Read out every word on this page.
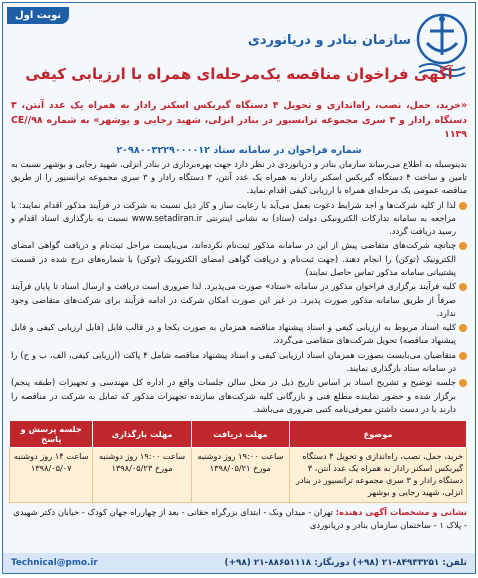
سازمان بنادر و دریانوردی
نوبت اول
آگهی فراخوان مناقصه یک‌مرحله‌ای همراه با ارزیابی کیفی
«خرید، حمل، نصب، راه‌اندازی و تحویل ۴ دستگاه گیربکس اسکنر رادار به همراه یک عدد آنتن، ۳ دستگاه رادار و ۳ سری مجموعه ترانسیور در بنادر انزلی، شهید رجایی و بوشهر» به شماره ۹۸/CE/۱۱۳۹
شماره فراخوان در سامانه ستاد ۲۰۹۸۰۰۳۲۲۹۰۰۰۰۱۲

بدینوسیله به اطلاع می‌رساند سازمان بنادر و دریانوردی در نظر دارد جهت بهره‌برداری در بنادر انزلی، شهید رجایی و بوشهر نسبت به تامین و ساخت ۴ دستگاه گیربکس اسکنر رادار به همراه یک عدد آنتن، ۳ دستگاه رادار و ۳ سری مجموعه ترانسیور را از طریق مناقصه عمومی یک مرحله‌ای همراه با ارزیابی کیفی اقدام نماید.

لذا از کلیه شرکت‌ها و اجد شرایط دعوت بعمل می‌آید با رعایت ساز و کار ذیل نسبت به شرکت در فرآیند مذکور اقدام نمایند: با مراجعه به سامانه تدارکات الکترونیکی دولت (ستاد) به نشانی اینترنتی www.setadiran.ir نسبت به بارگذاری اسناد اقدام و رسید دریافت گردد.

چنانچه شرکت‌های متقاضی پیش از این در سامانه مذکور ثبت‌نام نکرده‌اند، می‌بایست مراحل ثبت‌نام و دریافت گواهی امضای الکترونیک (توکن) را انجام دهند. (جهت ثبت‌نام و دریافت گواهی امضای الکترونیک (توکن) با شماره‌های درج شده در قسمت پشتیبانی سامانه مذکور تماس حاصل نمایند)

کلیه فرآیند برگزاری فراخوان مذکور در سامانه «ستاد» صورت می‌پذیرد. لذا ضروری است دریافت و ارسال اسناد تا پایان فرآیند صرفاً از طریق سامانه مذکور صورت پذیرد. در غیر این صورت امکان شرکت در ادامه فرآیند برای شرکت‌های متقاضی وجود ندارد.

کلیه اسناد مربوط به ارزیابی کیفی و اسناد پیشنهاد مناقصه همزمان به صورت یکجا و در قالب فایل (فایل ارزیابی کیفی و فایل پیشنهاد مناقصه) تحویل شرکت‌های متقاضی می‌گردد.

متقاضیان می‌بایست بصورت همزمان اسناد ارزیابی کیفی و اسناد پیشنهاد مناقصه شامل ۴ پاکت (ارزیابی کیفی، الف، ب و ج) را در سامانه ستاد بارگذاری نمایند.

جلسه توضیح و تشریح اسناد بر اساس تاریخ ذیل در محل سالن جلسات واقع در اداره کل مهندسی و تجهیزات (طبقه پنجم) برگزار شده و حضور نماینده مطلع فنی و بازرگانی کلیه شرکت‌های سازنده تجهیزات مذکور که تمایل به شرکت در مناقصه را دارند با در دست داشتن معرفی‌نامه کتبی ضروری می‌باشد.

موضوع	مهلت دریافت	مهلت بارگذاری	جلسه پرسش و پاسخ
خرید، حمل، نصب، راه‌اندازی و تحویل ۴ دستگاه گیربکس اسکنر رادار به همراه یک عدد آنتن، ۳ دستگاه رادار و ۳ سری مجموعه ترانسیور در بنادر انزلی، شهید رجایی و بوشهر	ساعت ۱۹:۰۰ روز دوشنبه مورخ ۱۳۹۸/۰۵/۲۱	ساعت ۱۹:۰۰ روز دوشنبه مورخ ۱۳۹۸/۰۵/۲۳	ساعت ۱۴ روز دوشنبه ۱۳۹۸/۰۵/۰۷
نشانی و مشخصات آگهی دهنده: تهران - میدان ونک - ابتدای بزرگراه حقانی - بعد از چهارراه جهان کودک - خیابان دکتر شهیدی - پلاک ۱ - ساختمان سازمان بنادر و دریانوردی
تلفن: ۸۴۹۳۳۲۵۱-۲۱ (۹۸+) دورنگار: ۸۸۶۵۱۱۱۸-۲۱ (۹۸+)
Technical@pmo.ir
